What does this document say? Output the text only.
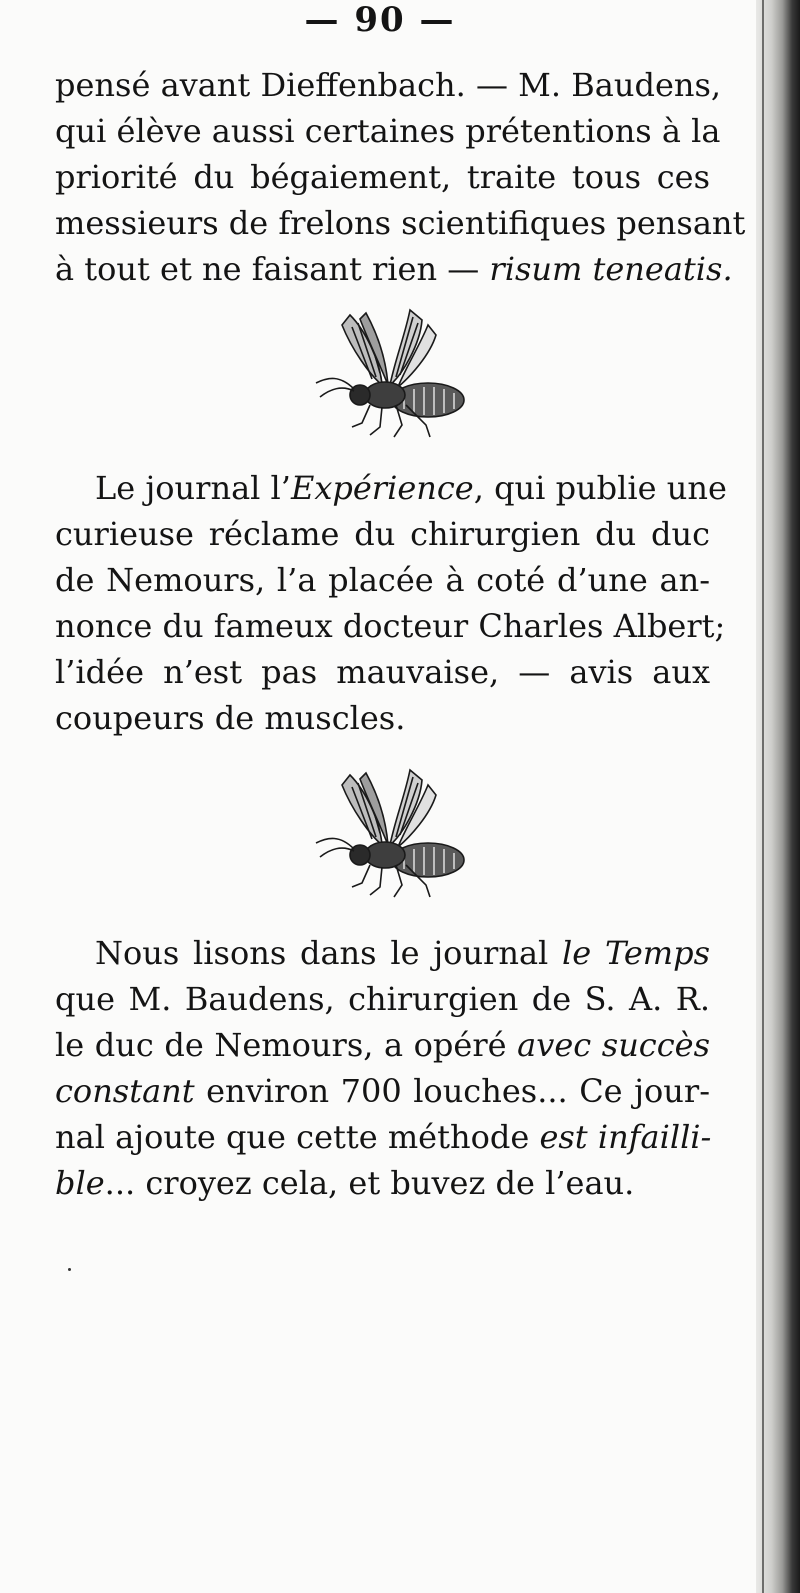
— 90 —
pensé avant Dieffenbach. — M. Baudens,
qui élève aussi certaines prétentions à la
priorité du bégaiement, traite tous ces
messieurs de frelons scientifiques pensant
à tout et ne faisant rien — risum teneatis.
Le journal l’Expérience, qui publie une
curieuse réclame du chirurgien du duc
de Nemours, l’a placée à coté d’une an-
nonce du fameux docteur Charles Albert;
l’idée n’est pas mauvaise, — avis aux
coupeurs de muscles.
Nous lisons dans le journal le Temps
que M. Baudens, chirurgien de S. A. R.
le duc de Nemours, a opéré avec succès
constant environ 700 louches... Ce jour-
nal ajoute que cette méthode est infailli-
ble... croyez cela, et buvez de l’eau.
